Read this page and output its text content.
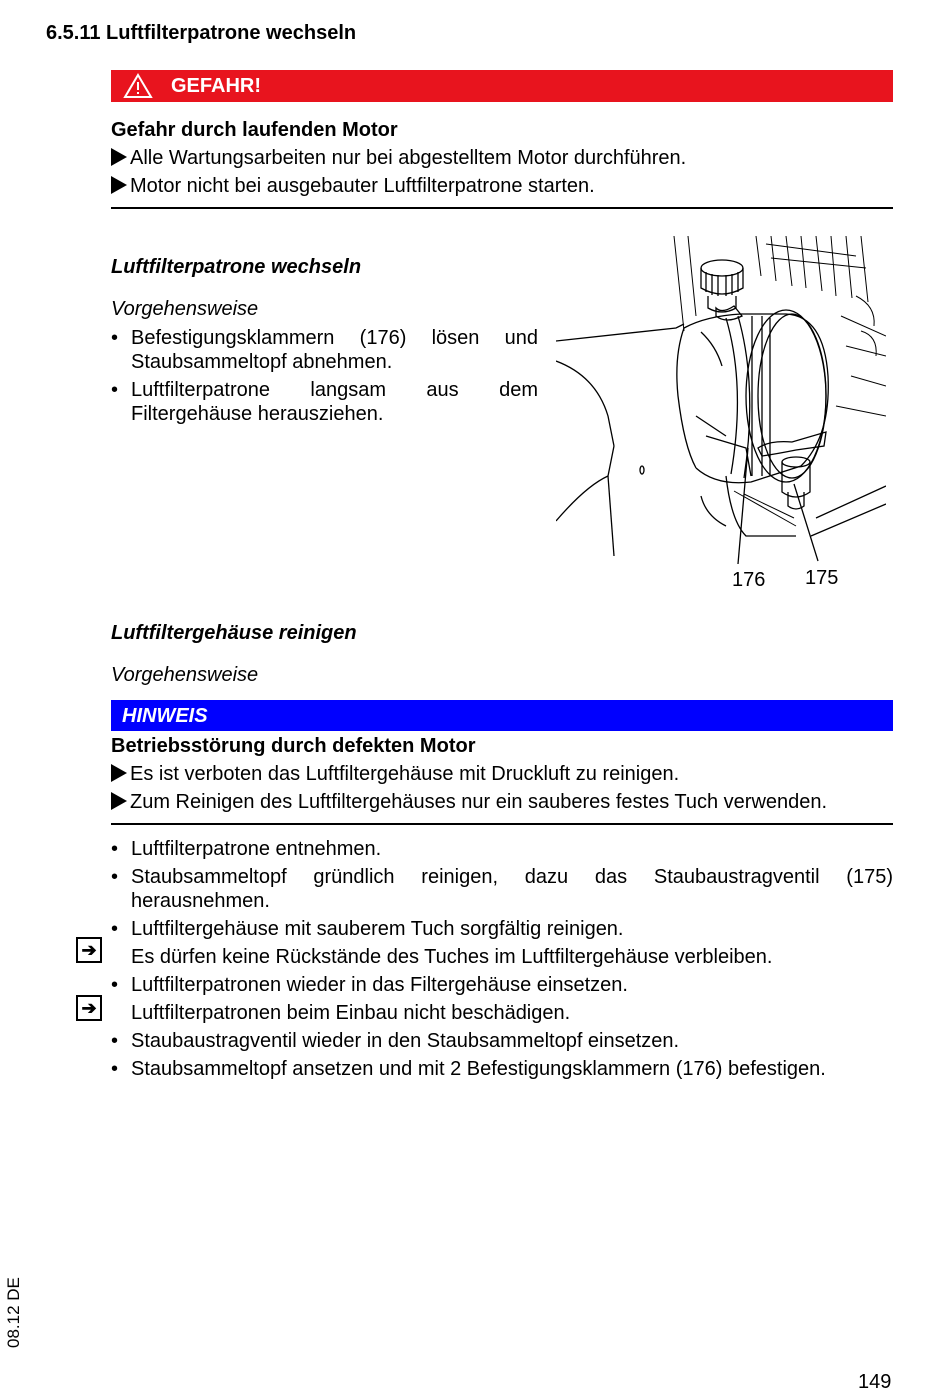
6.5.11 Luftfilterpatrone wechseln
GEFAHR!
Gefahr durch laufenden Motor
Alle Wartungsarbeiten nur bei abgestelltem Motor durchführen.
Motor nicht bei ausgebauter Luftfilterpatrone starten.
Luftfilterpatrone wechseln
Vorgehensweise
• Befestigungsklammern (176) lösen und
Staubsammeltopf abnehmen.
• Luftfilterpatrone langsam aus dem
Filtergehäuse herausziehen.
176 175
Luftfiltergehäuse reinigen
Vorgehensweise
HINWEIS
Betriebsstörung durch defekten Motor
Es ist verboten das Luftfiltergehäuse mit Druckluft zu reinigen.
Zum Reinigen des Luftfiltergehäuses nur ein sauberes festes Tuch verwenden.
• Luftfilterpatrone entnehmen.
• Staubsammeltopf gründlich reinigen, dazu das Staubaustragventil (175)
herausnehmen.
• Luftfiltergehäuse mit sauberem Tuch sorgfältig reinigen.
➔ Es dürfen keine Rückstände des Tuches im Luftfiltergehäuse verbleiben.
• Luftfilterpatronen wieder in das Filtergehäuse einsetzen.
➔ Luftfilterpatronen beim Einbau nicht beschädigen.
• Staubaustragventil wieder in den Staubsammeltopf einsetzen.
• Staubsammeltopf ansetzen und mit 2 Befestigungsklammern (176) befestigen.
08.12 DE
149
